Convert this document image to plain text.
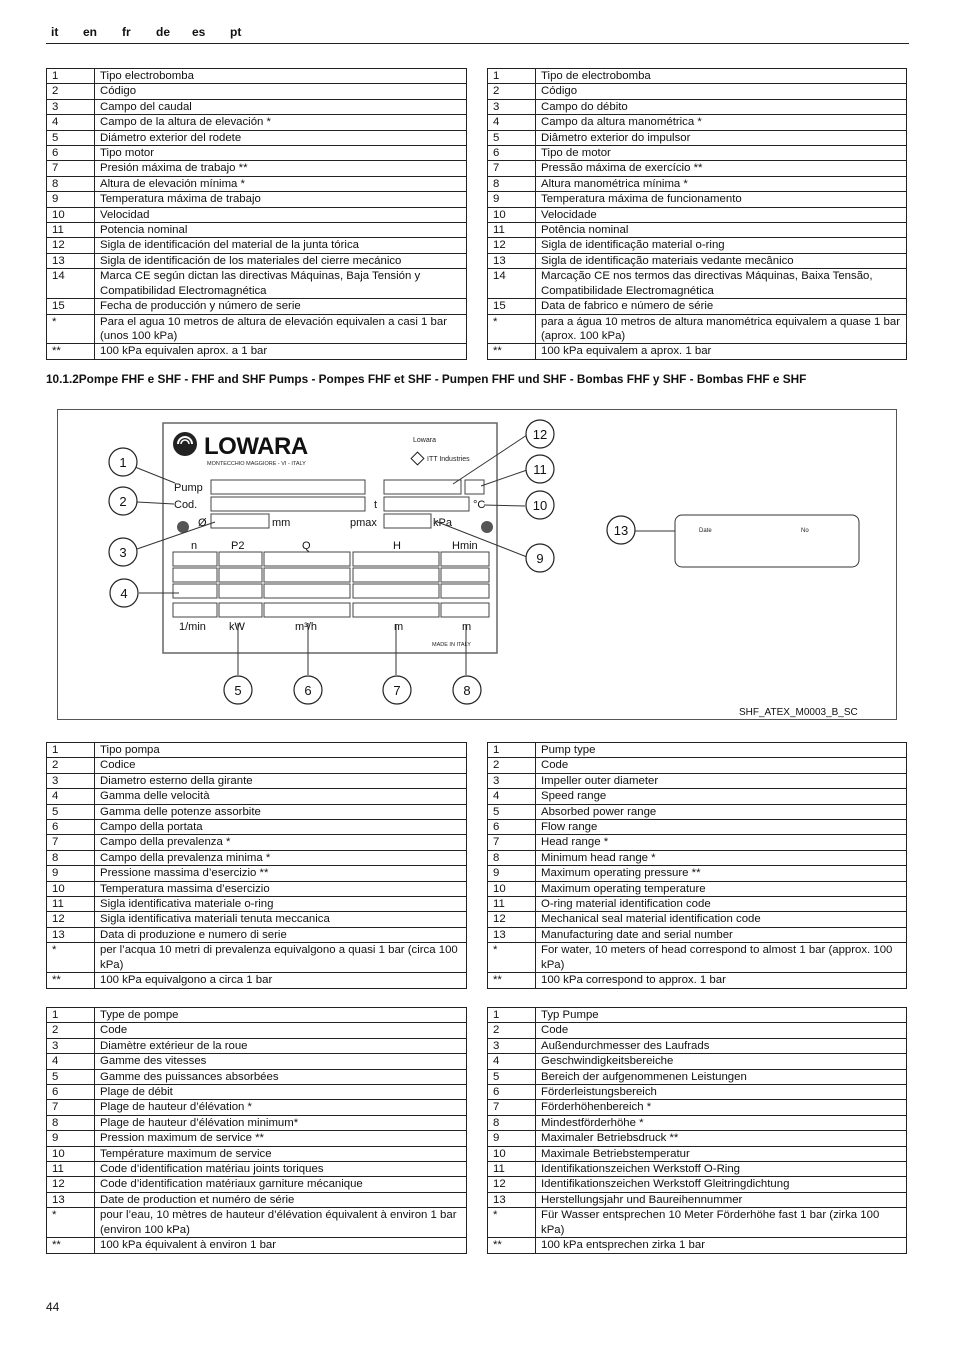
it en fr de es pt
1	Tipo electrobomba
2	Código
3	Campo del caudal
4	Campo de la altura de elevación *
5	Diámetro exterior del rodete
6	Tipo motor
7	Presión máxima de trabajo **
8	Altura de elevación mínima *
9	Temperatura máxima de trabajo
10	Velocidad
11	Potencia nominal
12	Sigla de identificación del material de la junta tórica
13	Sigla de identificación de los materiales del cierre mecánico
14	Marca CE según dictan las directivas Máquinas, Baja Tensión y Compatibilidad Electromagnética
15	Fecha de producción y número de serie
*	Para el agua 10 metros de altura de elevación equivalen a casi 1 bar (unos 100 kPa)
**	100 kPa equivalen aprox. a 1 bar
1	Tipo de electrobomba
2	Código
3	Campo do débito
4	Campo da altura manométrica *
5	Diâmetro exterior do impulsor
6	Tipo de motor
7	Pressão máxima de exercício **
8	Altura manométrica mínima *
9	Temperatura máxima de funcionamento
10	Velocidade
11	Potência nominal
12	Sigla de identificação material o-ring
13	Sigla de identificação materiais vedante mecânico
14	Marcação CE nos termos das directivas Máquinas, Baixa Tensão, Compatibilidade Electromagnética
15	Data de fabrico e número de série
*	para a água 10 metros de altura manométrica equivalem a quase 1 bar (aprox. 100 kPa)
**	100 kPa equivalem a aprox. 1 bar
10.1.2Pompe FHF e SHF - FHF and SHF Pumps - Pompes FHF et SHF - Pumpen FHF und SHF - Bombas FHF y SHF - Bombas FHF e SHF
LOWARA
MONTECCHIO MAGGIORE - VI - ITALY
Lowara
ITT Industries
Pump
Cod.	t	°C
Ø	mm	pmax	kPa
n	P2	Q	H	Hmin
1/min kW	m³/h	m	m
MADE IN ITALY
1
2
3
4
5	6	7	8
9
10
11
12
13	Date	No
SHF_ATEX_M0003_B_SC
1	Tipo pompa
2	Codice
3	Diametro esterno della girante
4	Gamma delle velocità
5	Gamma delle potenze assorbite
6	Campo della portata
7	Campo della prevalenza *
8	Campo della prevalenza minima *
9	Pressione massima d’esercizio **
10	Temperatura massima d’esercizio
11	Sigla identificativa materiale o-ring
12	Sigla identificativa materiali tenuta meccanica
13	Data di produzione e numero di serie
*	per l’acqua 10 metri di prevalenza equivalgono a quasi 1 bar (circa 100 kPa)
**	100 kPa equivalgono a circa 1 bar
1	Pump type
2	Code
3	Impeller outer diameter
4	Speed range
5	Absorbed power range
6	Flow range
7	Head range *
8	Minimum head range *
9	Maximum operating pressure **
10	Maximum operating temperature
11	O-ring material identification code
12	Mechanical seal material identification code
13	Manufacturing date and serial number
*	For water, 10 meters of head correspond to almost 1 bar (approx. 100 kPa)
**	100 kPa correspond to approx. 1 bar
1	Type de pompe
2	Code
3	Diamètre extérieur de la roue
4	Gamme des vitesses
5	Gamme des puissances absorbées
6	Plage de débit
7	Plage de hauteur d’élévation *
8	Plage de hauteur d’élévation minimum*
9	Pression maximum de service **
10	Température maximum de service
11	Code d’identification matériau joints toriques
12	Code d’identification matériaux garniture mécanique
13	Date de production et numéro de série
*	pour l’eau, 10 mètres de hauteur d’élévation équivalent à environ 1 bar (environ 100 kPa)
**	100 kPa équivalent à environ 1 bar
1	Typ Pumpe
2	Code
3	Außendurchmesser des Laufrads
4	Geschwindigkeitsbereiche
5	Bereich der aufgenommenen Leistungen
6	Förderleistungsbereich
7	Förderhöhenbereich *
8	Mindestförderhöhe *
9	Maximaler Betriebsdruck **
10	Maximale Betriebstemperatur
11	Identifikationszeichen Werkstoff O-Ring
12	Identifikationszeichen Werkstoff Gleitringdichtung
13	Herstellungsjahr und Baureihennummer
*	Für Wasser entsprechen 10 Meter Förderhöhe fast 1 bar (zirka 100 kPa)
**	100 kPa entsprechen zirka 1 bar
44
